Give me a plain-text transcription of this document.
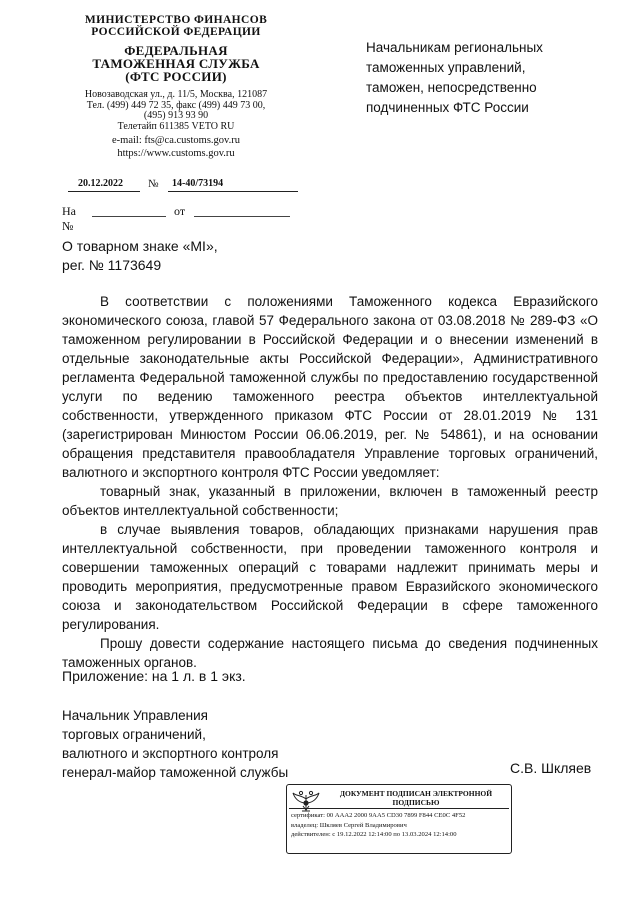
МИНИСТЕРСТВО ФИНАНСОВ
РОССИЙСКОЙ ФЕДЕРАЦИИ
ФЕДЕРАЛЬНАЯ
ТАМОЖЕННАЯ СЛУЖБА
(ФТС РОССИИ)
Новозаводская ул., д. 11/5, Москва, 121087
Тел. (499) 449 72 35, факс (499) 449 73 00,
(495) 913 93 90
Телетайп 611385 VETO RU
e-mail: fts@ca.customs.gov.ru
https://www.customs.gov.ru
20.12.2022 № 14-40/73194
На №
от
Начальникам региональных
таможенных управлений,
таможен, непосредственно
подчиненных ФТС России
О товарном знаке «MI»,
рег. № 1173649

В соответствии с положениями Таможенного кодекса Евразийского экономического союза, главой 57 Федерального закона от 03.08.2018 № 289-ФЗ «О таможенном регулировании в Российской Федерации и о внесении изменений в отдельные законодательные акты Российской Федерации», Административного регламента Федеральной таможенной службы по предоставлению государственной услуги по ведению таможенного реестра объектов интеллектуальной собственности, утвержденного приказом ФТС России от 28.01.2019 № 131 (зарегистрирован Минюстом России 06.06.2019, рег. № 54861), и на основании обращения представителя правообладателя Управление торговых ограничений, валютного и экспортного контроля ФТС России уведомляет:

товарный знак, указанный в приложении, включен в таможенный реестр объектов интеллектуальной собственности;

в случае выявления товаров, обладающих признаками нарушения прав интеллектуальной собственности, при проведении таможенного контроля и совершении таможенных операций с товарами надлежит принимать меры и проводить мероприятия, предусмотренные правом Евразийского экономического союза и законодательством Российской Федерации в сфере таможенного регулирования.

Прошу довести содержание настоящего письма до сведения подчиненных таможенных органов.

Приложение: на 1 л. в 1 экз.
Начальник Управления
торговых ограничений,
валютного и экспортного контроля
генерал-майор таможенной службы	С.В. Шкляев
ДОКУМЕНТ ПОДПИСАН ЭЛЕКТРОННОЙ
ПОДПИСЬЮ
сертификат: 00 AAA2 2000 9AA5 CD30 7899 F844 CE0C 4F52
владелец: Шкляев Сергей Владимирович
действителен: с 19.12.2022 12:14:00 по 13.03.2024 12:14:00
